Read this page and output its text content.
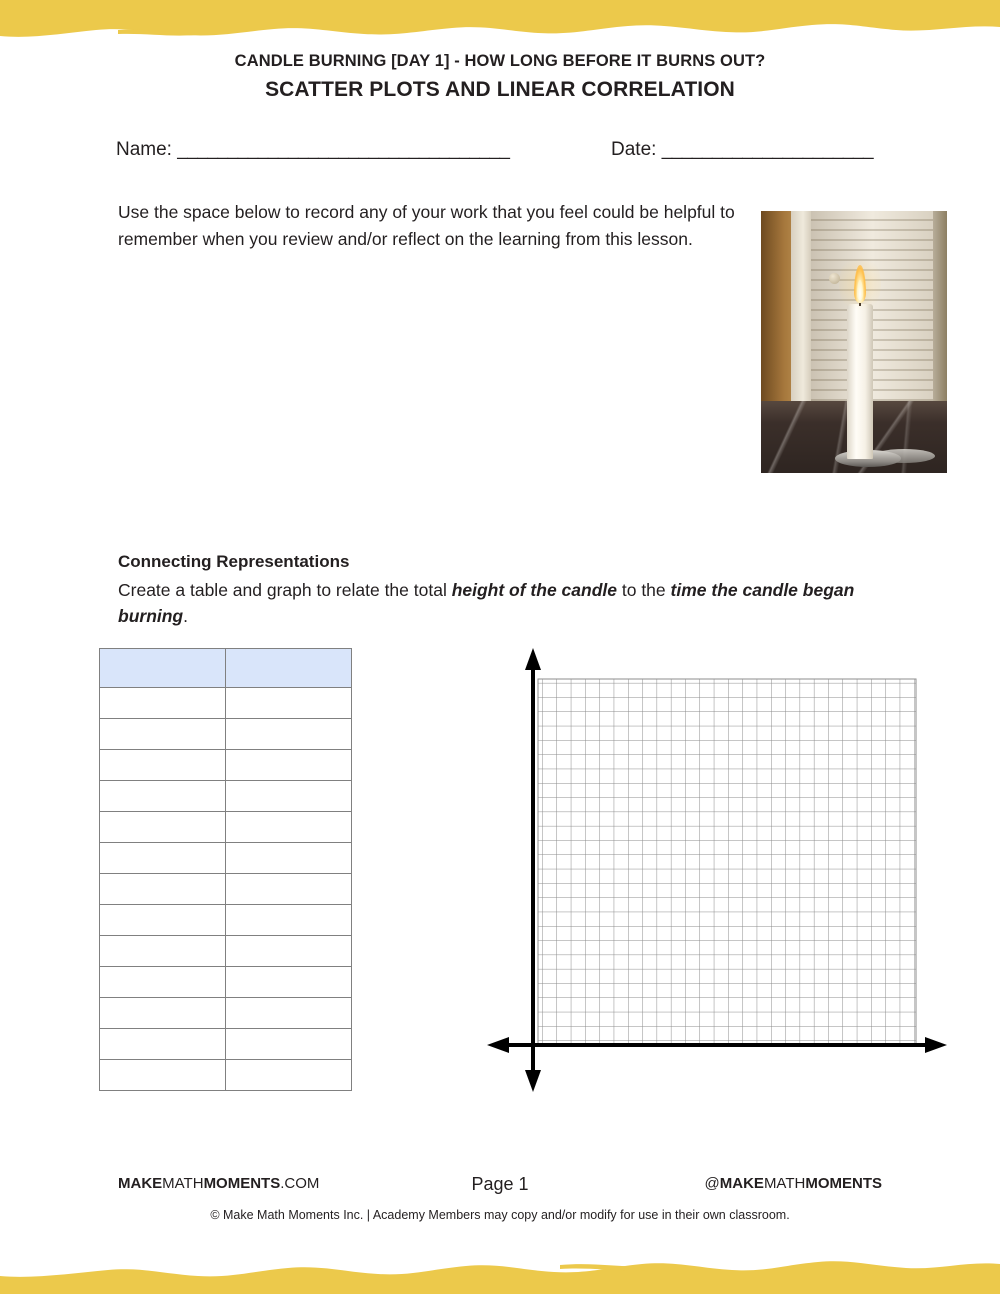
CANDLE BURNING [DAY 1] - HOW LONG BEFORE IT BURNS OUT?
SCATTER PLOTS AND LINEAR CORRELATION
Name: _________________________________	Date: _____________________
Use the space below to record any of your work that you feel could be helpful to remember when you review and/or reflect on the learning from this lesson.
Connecting Representations
Create a table and graph to relate the total height of the candle to the time the candle began burning.

MAKEMATHMOMENTS.COM	Page 1	@MAKEMATHMOMENTS
© Make Math Moments Inc. | Academy Members may copy and/or modify for use in their own classroom.
